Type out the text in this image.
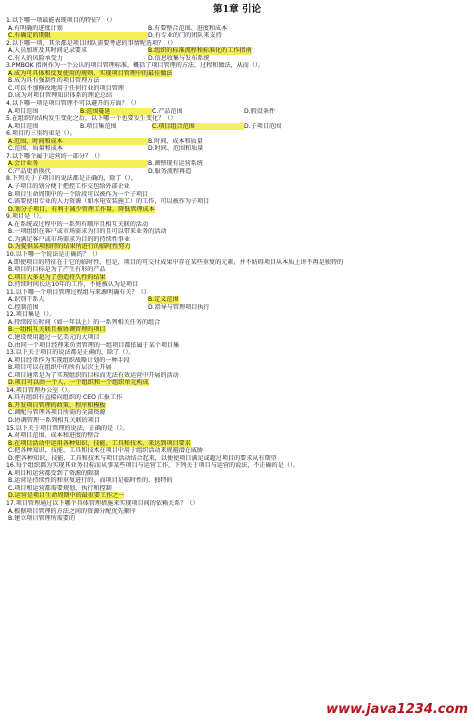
第1章 引论
1.以下哪一项最能表现项目的特征？（）
A.有明确的进度计划	B.有要整合范围、进度和成本
C.有确定的期限	D.有专业的门的团队来支持
2.以下哪一项，其余都是项目团队需要考虑的事情呢选项？（）
A.人员加班及其时间记录要求	B.组织的标准流程和标准化的工作指南
C.有人的风险承受力	D.信息收集与发布系统
3.PMBOK 指南作为一个公认的项目管理标准，概括了项目管理的方法、过程和做法，从而（）。
A.成为可具体和反复使用的规则、实现项目管理中的最佳做法
B.成为具有强制性的项目管理方法
C.可以不加修改地用于任何行业的项目管理
D.成为对项目管理知识体系的理论总结
4.以下哪一项是项目管理不可以避开的方面？（）
A.项目范围	B.范围蔓延	C.产品范围	D.假设条件
5.在组织的结构发生变化之后，以下哪一个也要发生变化？（）
A.项目范围	B.项目集范围	C.项目组合范围	D.子项目范围
6.项目的三重约束是（）。
A.范围、时间和成本	B.时间、成本和质量
C.范围、质量和成本	D.时间、范围和质量
7.以下哪个属于运营的一部分？（）
A.会计业务	B.调整现有运营系统
C.产品更新换代	D.服务流程再造
8.下列关于子项目的说法都是正确的，除了（）。
A.子项目的划分便于把控工作交包给外部企业
B.项目生命周期中的一个阶段可以被作为一个子项目
C.需要使用专业的人力资源（如水电安装施工）的工作，可以被作为子项目
D.划分子项目，有利于减少管理工作量，降低管理成本
9.项目是（）。
A.在系统或过程中的一系列有顺序且相互关联的活动
B.一项组织在客户或市场需求为目的且可以带来业务的活动
C.为满足客户或市场需求为目的的持续性事业
D.为提供某项独特的结果所进行的临时性努力
10.以下哪一个说法是正确的？（）
A.即使项目的特征在于它的临时性，但是，项目的可交付成果中存在某些重复的元素，并不妨碍项目从本质上讲不再是独特的
B.项目的目标是为了产生有形的产品
C.项目大多是为了创造持久性的结果
D.持续时间长达10年的工作，不能被认为是项目
11.以下哪一个项目管理过程组与来源明确有关？（）
A.识别干系人	B.定义范围
C.控制范围	D.指导与管理项目执行
12.项目集是（）。
A.持续较长时间（如一年以上）的一系列相关任务的组合
B.一组相互关联且被协调管理的项目
C.建设费用超过一亿美元的大项目
D.由同一个项目经理来负责管理的一组项目都依属于某个项目集
13.以下关于项目的说法都是正确的，除了（）。
A.项目经常作为实现组织战略计划的一种手段
B.项目可以在组织中的所有层次上开展
C.项目通常是为了实现组织的目标而无法有效运营中开展的活动
D.项目可以由一个人、一个组织和一个组织单元构成
14.项目管理办公室（）。
A.具有组织有直接向组织的 CEO 汇报工作
B.开发项目管理的政策、程序和模板
C.调配与管理各项目所需的全部资源
D.协调管理一系列相互关联的项目
15.以下关于项目管理的说法，正确的是（）。
A.对项目范围、成本和进度的整合
B.在项目活动中运用各种知识、技能、工具和技术，来达到项目要求
C.把各种知识、技能、工具和技术在项目中用于组织活动来规避潜在威胁
D.把各种知识、技能、工具和技术与项目活动结合起来，以便使项目满足或超过项目的要求从有期望
16.每个组织都为实现其业务目标而从事某些项目与运营工作，下列关于项目与运营的说法，不正确的是（）。
A.项目和运营都受到了资源的限制
B.运营是持续性的和重复进行的，而项目是临时性的、独特的
C.项目和运营都需要规划、执行和控制
D.运营是项目生命周期中的最重要工作之一
17.项目管理通过以下哪个具体管理措施来实现项目间的依赖关系？（）
A.根据项目管理的方法之间的资源分配优先顺序
B.建立项目管理所需要的
www.java1234.com
